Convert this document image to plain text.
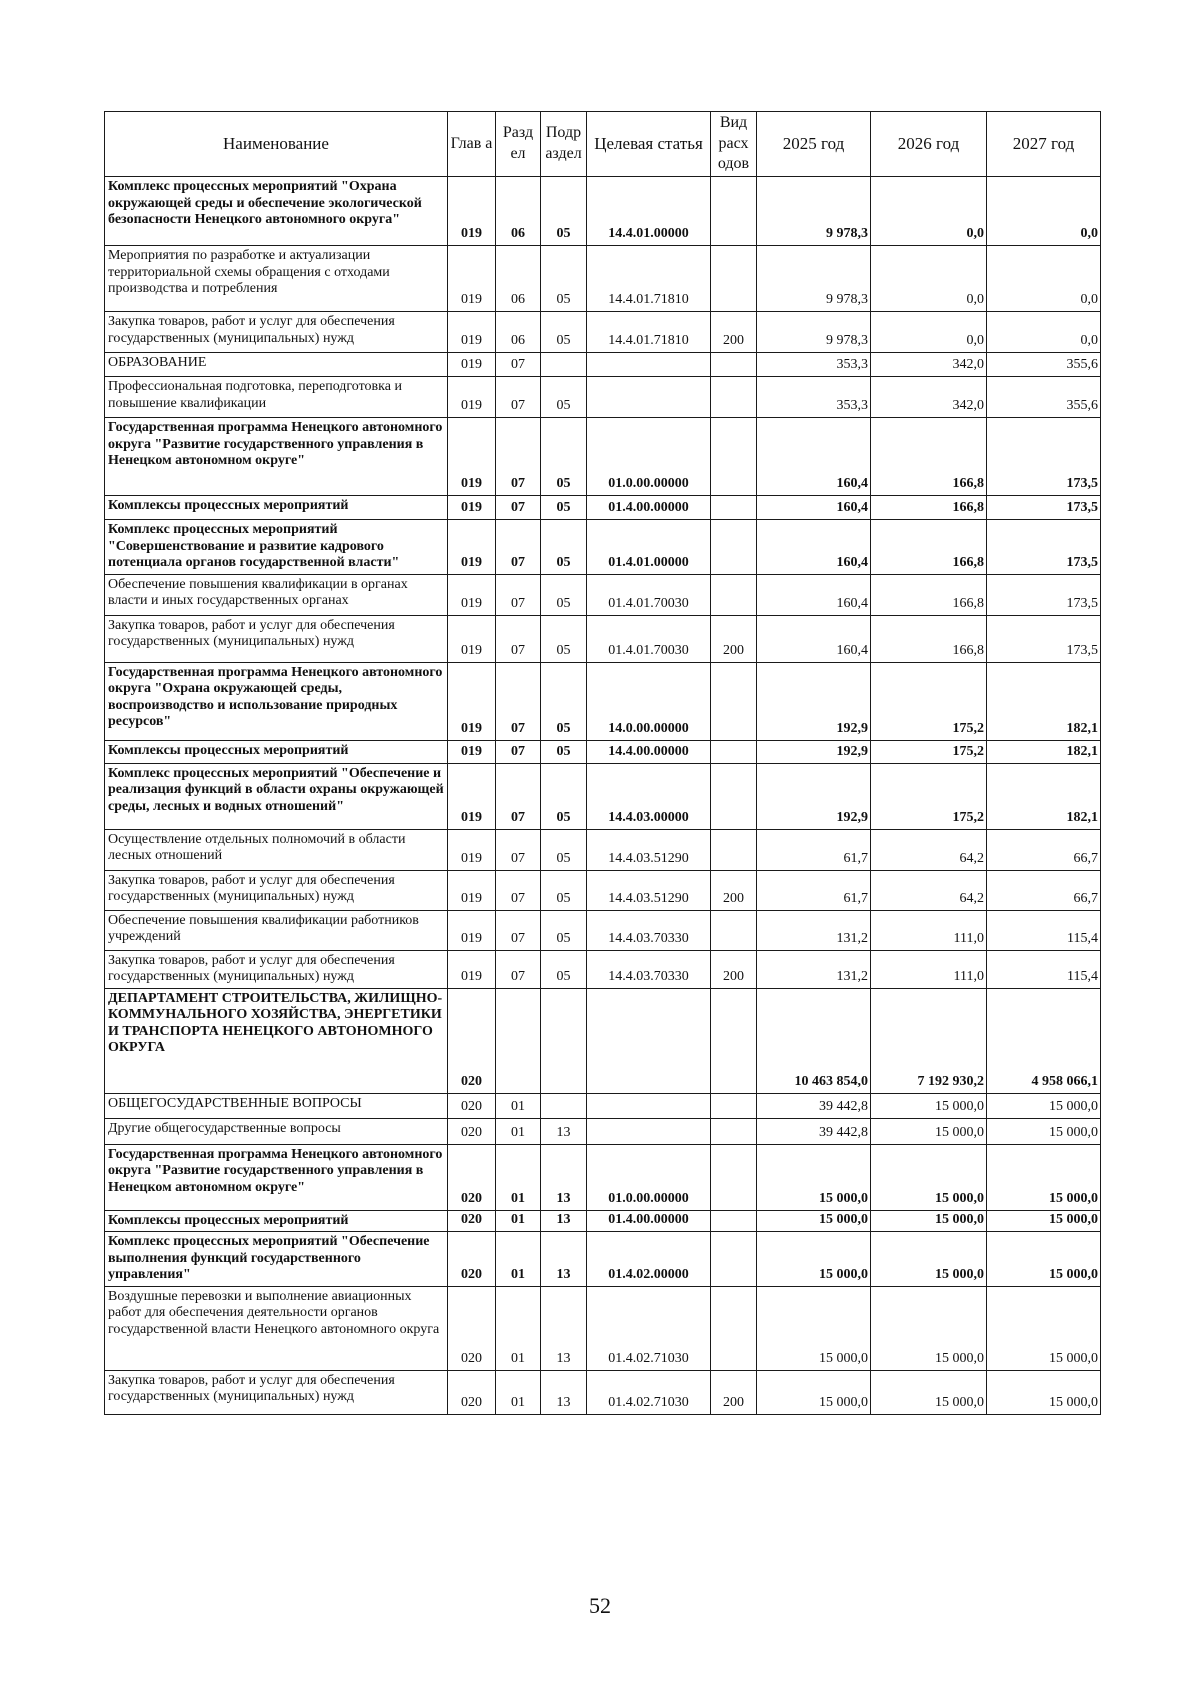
Наименование	Глав а	Разд ел	Подр аздел	Целевая статья	Вид расх одов	2025 год	2026 год	2027 год
Комплекс процессных мероприятий "Охрана окружающей среды и обеспечение экологической безопасности Ненецкого автономного округа"	019	06	05	14.4.01.00000		9 978,3	0,0	0,0
Мероприятия по разработке и актуализации территориальной схемы обращения с отходами производства и потребления	019	06	05	14.4.01.71810		9 978,3	0,0	0,0
Закупка товаров, работ и услуг для обеспечения государственных (муниципальных) нужд	019	06	05	14.4.01.71810	200	9 978,3	0,0	0,0
ОБРАЗОВАНИЕ	019	07				353,3	342,0	355,6
Профессиональная подготовка, переподготовка и повышение квалификации	019	07	05			353,3	342,0	355,6
Государственная программа Ненецкого автономного округа "Развитие государственного управления в Ненецком автономном округе"	019	07	05	01.0.00.00000		160,4	166,8	173,5
Комплексы процессных мероприятий	019	07	05	01.4.00.00000		160,4	166,8	173,5
Комплекс процессных мероприятий "Совершенствование и развитие кадрового потенциала органов государственной власти"	019	07	05	01.4.01.00000		160,4	166,8	173,5
Обеспечение повышения квалификации в органах власти и иных государственных органах	019	07	05	01.4.01.70030		160,4	166,8	173,5
Закупка товаров, работ и услуг для обеспечения государственных (муниципальных) нужд	019	07	05	01.4.01.70030	200	160,4	166,8	173,5
Государственная программа Ненецкого автономного округа "Охрана окружающей среды, воспроизводство и использование природных ресурсов"	019	07	05	14.0.00.00000		192,9	175,2	182,1
Комплексы процессных мероприятий	019	07	05	14.4.00.00000		192,9	175,2	182,1
Комплекс процессных мероприятий "Обеспечение и реализация функций в области охраны окружающей среды, лесных и водных отношений"	019	07	05	14.4.03.00000		192,9	175,2	182,1
Осуществление отдельных полномочий в области лесных отношений	019	07	05	14.4.03.51290		61,7	64,2	66,7
Закупка товаров, работ и услуг для обеспечения государственных (муниципальных) нужд	019	07	05	14.4.03.51290	200	61,7	64,2	66,7
Обеспечение повышения квалификации работников учреждений	019	07	05	14.4.03.70330		131,2	111,0	115,4
Закупка товаров, работ и услуг для обеспечения государственных (муниципальных) нужд	019	07	05	14.4.03.70330	200	131,2	111,0	115,4
ДЕПАРТАМЕНТ СТРОИТЕЛЬСТВА, ЖИЛИЩНО-КОММУНАЛЬНОГО ХОЗЯЙСТВА, ЭНЕРГЕТИКИ И ТРАНСПОРТА НЕНЕЦКОГО АВТОНОМНОГО ОКРУГА	020					10 463 854,0	7 192 930,2	4 958 066,1
ОБЩЕГОСУДАРСТВЕННЫЕ ВОПРОСЫ	020	01				39 442,8	15 000,0	15 000,0
Другие общегосударственные вопросы	020	01	13			39 442,8	15 000,0	15 000,0
Государственная программа Ненецкого автономного округа "Развитие государственного управления в Ненецком автономном округе"	020	01	13	01.0.00.00000		15 000,0	15 000,0	15 000,0
Комплексы процессных мероприятий	020	01	13	01.4.00.00000		15 000,0	15 000,0	15 000,0
Комплекс процессных мероприятий "Обеспечение выполнения функций государственного управления"	020	01	13	01.4.02.00000		15 000,0	15 000,0	15 000,0
Воздушные перевозки и выполнение авиационных работ для обеспечения деятельности органов государственной власти Ненецкого автономного округа	020	01	13	01.4.02.71030		15 000,0	15 000,0	15 000,0
Закупка товаров, работ и услуг для обеспечения государственных (муниципальных) нужд	020	01	13	01.4.02.71030	200	15 000,0	15 000,0	15 000,0
52
